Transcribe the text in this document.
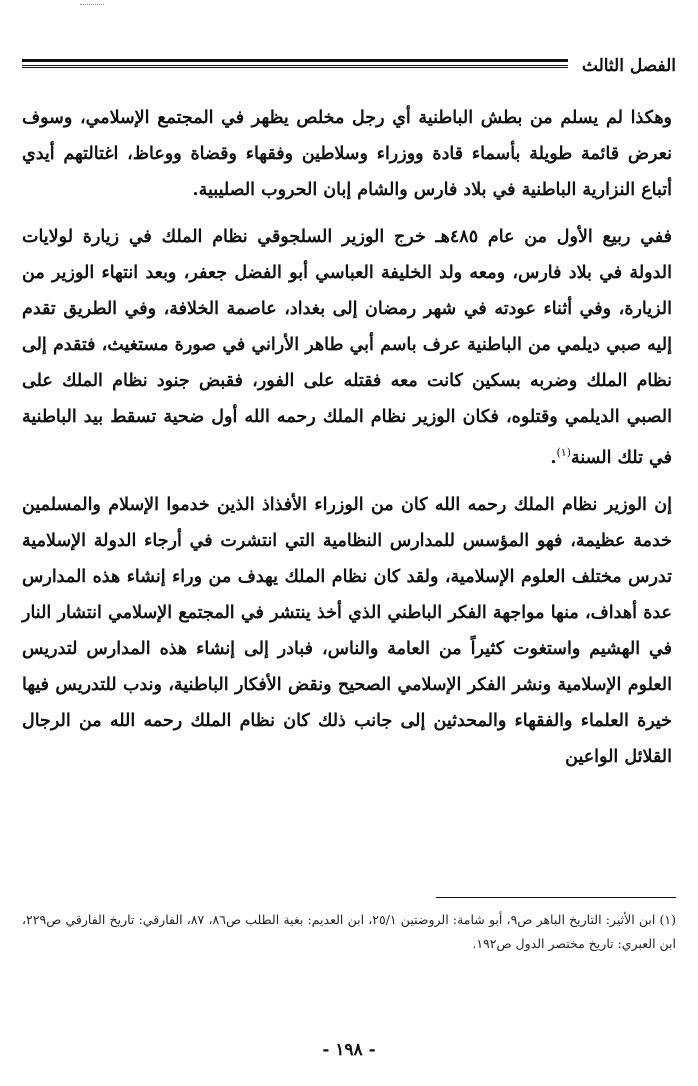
الفصل الثالث

وهكذا لم يسلم من بطش الباطنية أي رجل مخلص يظهر في المجتمع الإسلامي، وسوف نعرض قائمة طويلة بأسماء قادة ووزراء وسلاطين وفقهاء وقضاة ووعاظ، اغتالتهم أيدي أتباع النزارية الباطنية في بلاد فارس والشام إبان الحروب الصليبية.

ففي ربيع الأول من عام ٤٨٥هـ خرج الوزير السلجوقي نظام الملك في زيارة لولايات الدولة في بلاد فارس، ومعه ولد الخليفة العباسي أبو الفضل جعفر، وبعد انتهاء الوزير من الزيارة، وفي أثناء عودته في شهر رمضان إلى بغداد، عاصمة الخلافة، وفي الطريق تقدم إليه صبي ديلمي من الباطنية عرف باسم أبي طاهر الأراني في صورة مستغيث، فتقدم إلى نظام الملك وضربه بسكين كانت معه فقتله على الفور، فقبض جنود نظام الملك على الصبي الديلمي وقتلوه، فكان الوزير نظام الملك رحمه الله أول ضحية تسقط بيد الباطنية في تلك السنة$^{(١)}$.

إن الوزير نظام الملك رحمه الله كان من الوزراء الأفذاذ الذين خدموا الإسلام والمسلمين خدمة عظيمة، فهو المؤسس للمدارس النظامية التي انتشرت في أرجاء الدولة الإسلامية تدرس مختلف العلوم الإسلامية، ولقد كان نظام الملك يهدف من وراء إنشاء هذه المدارس عدة أهداف، منها مواجهة الفكر الباطني الذي أخذ ينتشر في المجتمع الإسلامي انتشار النار في الهشيم واستغوت كثيراً من العامة والناس، فبادر إلى إنشاء هذه المدارس لتدريس العلوم الإسلامية ونشر الفكر الإسلامي الصحيح ونقض الأفكار الباطنية، وندب للتدريس فيها خيرة العلماء والفقهاء والمحدثين إلى جانب ذلك كان نظام الملك رحمه الله من الرجال القلائل الواعين

(١) ابن الأثير: التاريخ الباهر ص٩، أبو شامة: الروضتين ٢٥/١، ابن العديم: بغية الطلب ص٨٦، ٨٧، الفارقي: تاريخ الفارقي ص٢٢٩، ابن العبري: تاريخ مختصر الدول ص١٩٢.
- ١٩٨ -
